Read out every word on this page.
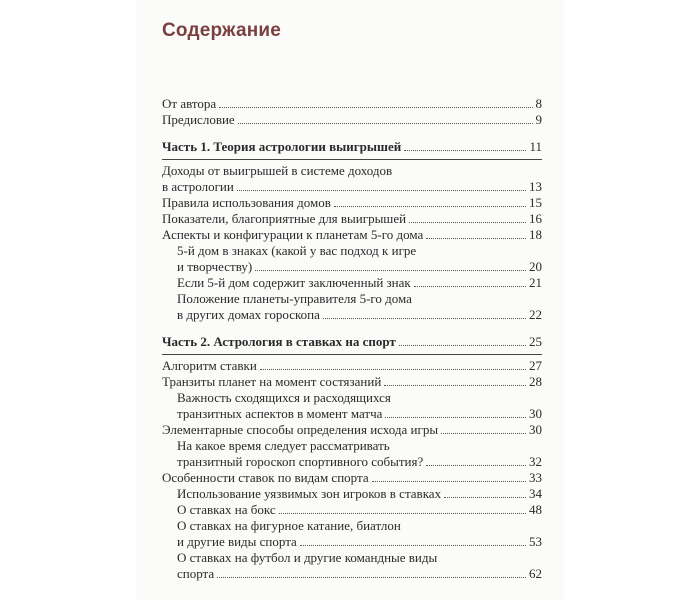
Содержание
От автора	8
Предисловие	9
Часть 1. Теория астрологии выигрышей	11
Доходы от выигрышей в системе доходов
в астрологии	13
Правила использования домов	15
Показатели, благоприятные для выигрышей	16
Аспекты и конфигурации к планетам 5-го дома	18
5-й дом в знаках (какой у вас подход к игре
и творчеству)	20
Если 5-й дом содержит заключенный знак	21
Положение планеты-управителя 5-го дома
в других домах гороскопа	22
Часть 2. Астрология в ставках на спорт	25
Алгоритм ставки	27
Транзиты планет на момент состязаний	28
Важность сходящихся и расходящихся
транзитных аспектов в момент матча	30
Элементарные способы определения исхода игры	30
На какое время следует рассматривать
транзитный гороскоп спортивного события?	32
Особенности ставок по видам спорта	33
Использование уязвимых зон игроков в ставках	34
О ставках на бокс	48
О ставках на фигурное катание, биатлон
и другие виды спорта	53
О ставках на футбол и другие командные виды
спорта	62
